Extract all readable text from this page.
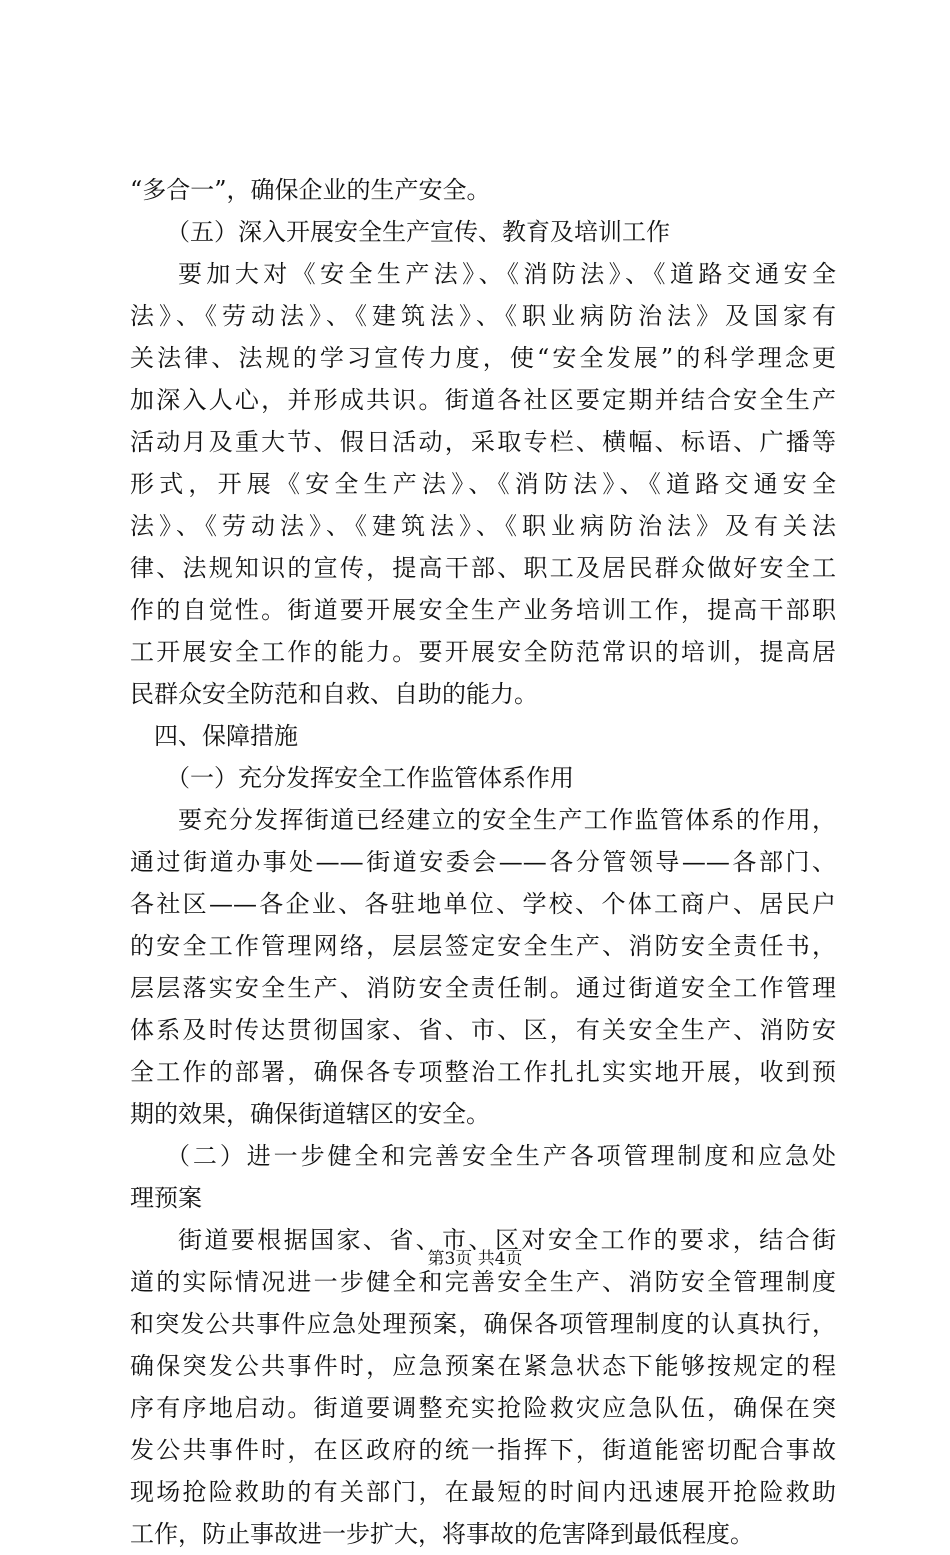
“多合一”，确保企业的生产安全。
（五）深入开展安全生产宣传、教育及培训工作
要加大对《安全生产法》、《消防法》、《道路交通安全
法》、《劳动法》、《建筑法》、《职业病防治法》及国家有
关法律、法规的学习宣传力度，使“安全发展”的科学理念更
加深入人心，并形成共识。街道各社区要定期并结合安全生产
活动月及重大节、假日活动，采取专栏、横幅、标语、广播等
形式，开展《安全生产法》、《消防法》、《道路交通安全
法》、《劳动法》、《建筑法》、《职业病防治法》及有关法
律、法规知识的宣传，提高干部、职工及居民群众做好安全工
作的自觉性。街道要开展安全生产业务培训工作，提高干部职
工开展安全工作的能力。要开展安全防范常识的培训，提高居
民群众安全防范和自救、自助的能力。
四、保障措施
（一）充分发挥安全工作监管体系作用
要充分发挥街道已经建立的安全生产工作监管体系的作用，
通过街道办事处——街道安委会——各分管领导——各部门、
各社区——各企业、各驻地单位、学校、个体工商户、居民户
的安全工作管理网络，层层签定安全生产、消防安全责任书，
层层落实安全生产、消防安全责任制。通过街道安全工作管理
体系及时传达贯彻国家、省、市、区，有关安全生产、消防安
全工作的部署，确保各专项整治工作扎扎实实地开展，收到预
期的效果，确保街道辖区的安全。
（二）进一步健全和完善安全生产各项管理制度和应急处
理预案
街道要根据国家、省、市、区对安全工作的要求，结合街
道的实际情况进一步健全和完善安全生产、消防安全管理制度
和突发公共事件应急处理预案，确保各项管理制度的认真执行，
确保突发公共事件时，应急预案在紧急状态下能够按规定的程
序有序地启动。街道要调整充实抢险救灾应急队伍，确保在突
发公共事件时，在区政府的统一指挥下，街道能密切配合事故
现场抢险救助的有关部门，在最短的时间内迅速展开抢险救助
工作，防止事故进一步扩大，将事故的危害降到最低程度。
第3页 共4页
